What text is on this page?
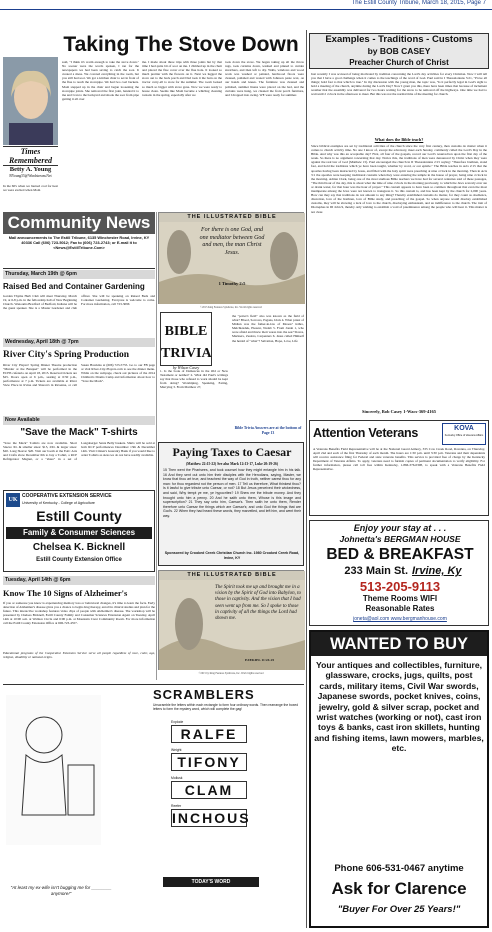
The Estill County Tribune, March 18, 2015, Page 7
Taking The Stove Down
Times Remembered
Betty A. Young
BYoung55@Windstream.Net
In the 60's when we burned coal for heat we were excited when Mom
said, "I think it's warm enough to take the stove down." No sooner were the words spoken, I ran for the newspapers we had been saving to catch the soot. It created a mess. We covered everything in the room, but you still had soot. We got a kitchen chair to set in front of the flue to reach the stovepipe. We had two coal buckets. Mom stepped up in the chair and began loosening the stovepipe joints. She removed the first joint, handed it to me and I ran to the backyard and shook the soot from pipe getting it all over
me. I made about three trips with three joints but by that time I had quite bit of soot on me. I climbed up in the chair and placed the flue cover over the flue hole. It looked so much prettier with the flowers on it. Next we lugged the stove out to the back porch and Dad took it the barn on the tractor carry-all to store for the summer. The room looked so much so bigger with stove gone. Now we were ready to house clean. Seems like Mom became a whirling cleaning tornado in the spring, especially after we
took down the stove. We began taking up all the throw rugs, took curtains down, washed and pinned to curtain stretchers, and then left to dry. Walls, windows and wood work was washed or painted, hardwood floors were cleaned, polished and waxed with Johnson paste wax, on our hands and knees. The furniture was cleaned and polished, summer linens were placed on the bed, and the curtains were hung, we cleaned the front porch furniture, and I dropped into swing. WE were ready for summer.
Community News
Mail announcements to The Estill Tribune, 6135 Winchester Road, Irvine, KY 40336 Call (606) 723-5012; Fax to (606) 723-2743; or E-mail it to <News@EstillTribune.Com>
Thursday, March 19th @ 6pm
Raised Bed and Container Gardening
Garden Thyme Herb Club will meet Thursday, March 19, at 6-8 p.m. in the fellowship hall of New Beginning Church. Wanoama Bradford of Bedford, Indiana will be the guest speaker. She is a Master Gardener and club officer. She will be speaking on Raised Beds and Container Gardening. Everyone is welcome to come. For more information, call 723-3096
Wednesday, April 18th @ 7pm
River City's Spring Production
River City Players' Spring Dinner Theatre production "Murder at the Banquet" will be performed in the ECHS cafeteria on April 18, 2015. Reserved tickets are $25. Doors open at 6 p.m., seating at 6:30 p.m., performance at 7 p.m. Tickets are available at River View Place in Irvine and Sharon's in Ravenna, or call Susan Hawkins at (606) 723-5755. Go to our FB page or visit River-City-Players.com to see the dinner menu. While on the webpage, check out pictures of the 2014 Children's Drama Camp and information about how to "Save the Mack".
Now Available
"Save the Mack" T-shirts
"Save the Mack" T-shirts are now available. Short Sleeve XL & smaller sizes: $15, 2XL & larger sizes: $20. Long Sleeve: $20. Visit our booth at the EAC Arts and Crafts show December 6th to buy a T-shirt, a RCP Refrigerator Magnet, or a "share" in a set of Longaberger Santa Belly baskets. Shirts will be sold at both RCP performances December 13th & December 14th. Visit Citizen's Guaranty Bank if you would like to order T-shirts as sizes we do not have readily available.
UK
COOPERATIVE EXTENSION SERVICE
University of Kentucky - College of Agriculture
Estill County
Family & Consumer Sciences
Chelsea K. Bicknell
Estill County Extension Office
Tuesday, April 14th @ 6pm
Know The 10 Signs of Alzheimer's
If you or someone you know is experiencing memory loss or behavioral changes, it's time to learn the facts. Early detection of Alzheimer's disease gives you a chance to begin drug therapy, enroll in clinical studies and plan for the future. This interactive workshop features video clips of people with Alzheimer's disease. The workshop will be presented by Chelsea Bicknell, Estill County Family and Consumer Sciences Extension Agent on Tuesday, April 14th at 10:00 a.m. at Wallace Circle and 6:00 p.m. at Mountain Crest Community Room. For more information call the Estill County Extension Office at 606-723-4557.
Educational programs of the Cooperative Extension Service serve all people regardless of race, color, age, religion, disability or national origin.
THE ILLUSTRATED BIBLE
For there is one God, and one mediator between God and men, the man Christ Jesus.
1 Timothy 2:5
©2015 King Features Syndicate, Inc. World rights reserved
BIBLE TRIVIA
by Wilson Casey
1. Is the book of Damascus in the Old or New Testament or neither? 2. What did Paul's writings say that those who refused to work should be kept from doing? Worshiping, Speaking, Eating, Marrying 3. From Matthew 27,
the "potter's field" also was known as the field of what? Blood, Sorrows, Pagans, Idols 4. What priest of Midian was the father-in-law of Moses? Jethro, Melchizedek, Eleazar, Nadab 5. From Jonah 1, who were afraid and threw their wares into the sea? Slaves, Mariners, Zealots, Carpenters 6. Jesus called Himself the herald of "what"? Salvation, Hope, Love, Life
Bible Trivia Answers are at the bottom of Page 13
Paying Taxes to Caesar
(Matthew 22:15-22) See also Mark 12:13-17, Luke 20:19-26)
15 Then went the Pharisees, and took counsel how they might entangle him in his talk. 16 And they sent out unto him their disciples with the Herodians, saying, Master, we know that thou art true, and teachest the way of God in truth, neither carest thou for any man: for thou regardest not the person of men. 17 Tell us therefore, What thinkest thou? Is it lawful to give tribute unto Caesar, or not? 18 But Jesus perceived their wickedness, and said, Why tempt ye me, ye hypocrites? 19 Shew me the tribute money. And they brought unto him a penny. 20 And he saith unto them, Whose is this image and superscription? 21 They say unto him, Caesar's. Then saith he unto them, Render therefore unto Caesar the things which are Caesar's; and unto God the things that are God's. 22 When they had heard these words, they marvelled, and left him, and went their way.
Sponsored by Crooked Creek Christian Church Inc. 1980 Crooked Creek Road, Irvine, KY
THE ILLUSTRATED BIBLE
The Spirit took me up and brought me in a vision by the Spirit of God into Babylon, to those in captivity. And the vision that I had seen went up from me. So I spoke to those in captivity of all the things the Lord had shown me.
EZEKIEL 11:24-25
©2015 by King Features Syndicate, Inc. World rights reserved
SCRAMBLERS
Unscramble the letters within each rectangle to form four ordinary words. Then rearrange the boxed letters to form the mystery word, which will complete the gag!
"At least my ex-wife isn't bugging me for ________ anymore!"
Explode
RALFE
Weight
TIFONY
Mollusk
CLAM
Reefer
INCHOUS
TODAY'S WORD
Examples - Traditions - Customs
by BOB CASEY
Preacher Church of Christ
Just recently I was accused of being motivated by tradition concerning the Lord's day activities for every Christian. Now I will tell you that I have a good challenge when it comes to the teachings of the word of God. Paul said in I Thessalonians 5:21, "Prove all things; hold fast to that which is true." In my discussion with the young man, the topic was, "Is it perfectly legal in God's sight to hold a meeting of the church, anytime during the Lord's Day? Now I grant you this, there have been times that because of inclement weather that the assembly was delivered for two hours waiting for the snow to be removed off the highways. One time we had to wait until 2 o'clock in the afternoon to meet. But this was not the normal time of the meeting for church.
What does the Bible teach?
Since biblical examples are set by traditional activities of the church since the very first century, then customs do matter when it comes to church activity time. No one I know of, except the adversary, meet each Sunday, commonly called the Lord's Day in the Bible. And why was this an acceptable day? First, all four of the gospels, record our Lord's resurrection upon the first day of the week. So there is no argument concerning that day. Notice this, the traditions of men were denounced by Christ when they were against the real law of God (Matthew 15). Paul encouraged the church in II Thessalonians 2:15 saying: "Therefore brethren, stand fast, and hold the traditions which ye have been taught, whether by word, or our epistle." The Bible teaches in Acts 2:15 that the apostles having been instructed by Jesus, and filled with the holy spirit were preaching at nine o'clock in the morning. Then in Acts 3:1 the apostles were keeping traditional customs when they were entering the temple in the house of prayer, being nine o'clock in the morning. Adrian Clark, being one of the most studious Bible teachers we have had for several centuries said of these passages, "The third hour of the day, this is about what the time of nine o'clock in the morning previously, to which the Jews scarcely ever ate or drank water, for that hour was the hour of prayer." This custom appears to have been so common throughout that even the most intemperate among the Jews were not known to transgress it. So this custom is, and has been kept by the church for 2,000 years. How can they say that traditions do not amount to any thing? Thereby established customs do matter, for they count as obedience, discretion, love of the brethren, love of Bible study, and preaching of the gospel. So when anyone would disobey established customs, they will be showing a lack of love to the church, disobeying enthusiasm, and an indifference to the church. The trait of Diotrephes in III John 9, thereby only wishing to establish a void of preeminence among the people who will hear it. This matter is not clear.
Sincerely, Bob Casey 1-Wacs-369-4165
Attention Veterans	KOVA
Kentucky Office of Veterans Affairs
A Veterans Benefits Field Representative will be at the National Guard Armory, 335 Cow Creek Road, Ravenna, on Thursday, April 2nd and each of the first Thursday of each month. The hours are 1:30 p.m. until 3:30 p.m. Veterans and their dependents will receive assistance filing for Federal and state veterans benefits. This service is provided free of charge by the Kentucky Department of Veterans Affairs. To apply, veterans need to furnish copies of pertinent documentation to verify eligibility. For further information, please call toll free within Kentucky, 1-866-376-0308, to speak with a Veterans Benefits Field Representative.
Enjoy your stay at . . .
Johnetta's BERGMAN HOUSE
BED & BREAKFAST
233 Main St. Irvine, Ky
513-205-9113
Theme Rooms WIFI
Reasonable Rates
joneta@aol.com www.bergmanhouse.com
WANTED TO BUY
Your antiques and collectibles, furniture, glassware, crocks, jugs, quilts, post cards, military items, Civil War swords, Japanese swords, pocket knives, coins, jewelry, gold & silver scrap, pocket and wrist watches (working or not), cast iron toys & banks, cast iron skillets, hunting and fishing items, lawn mowers, marbles, etc.
Phone 606-531-0467 anytime
Ask for Clarence
"Buyer For Over 25 Years!"
